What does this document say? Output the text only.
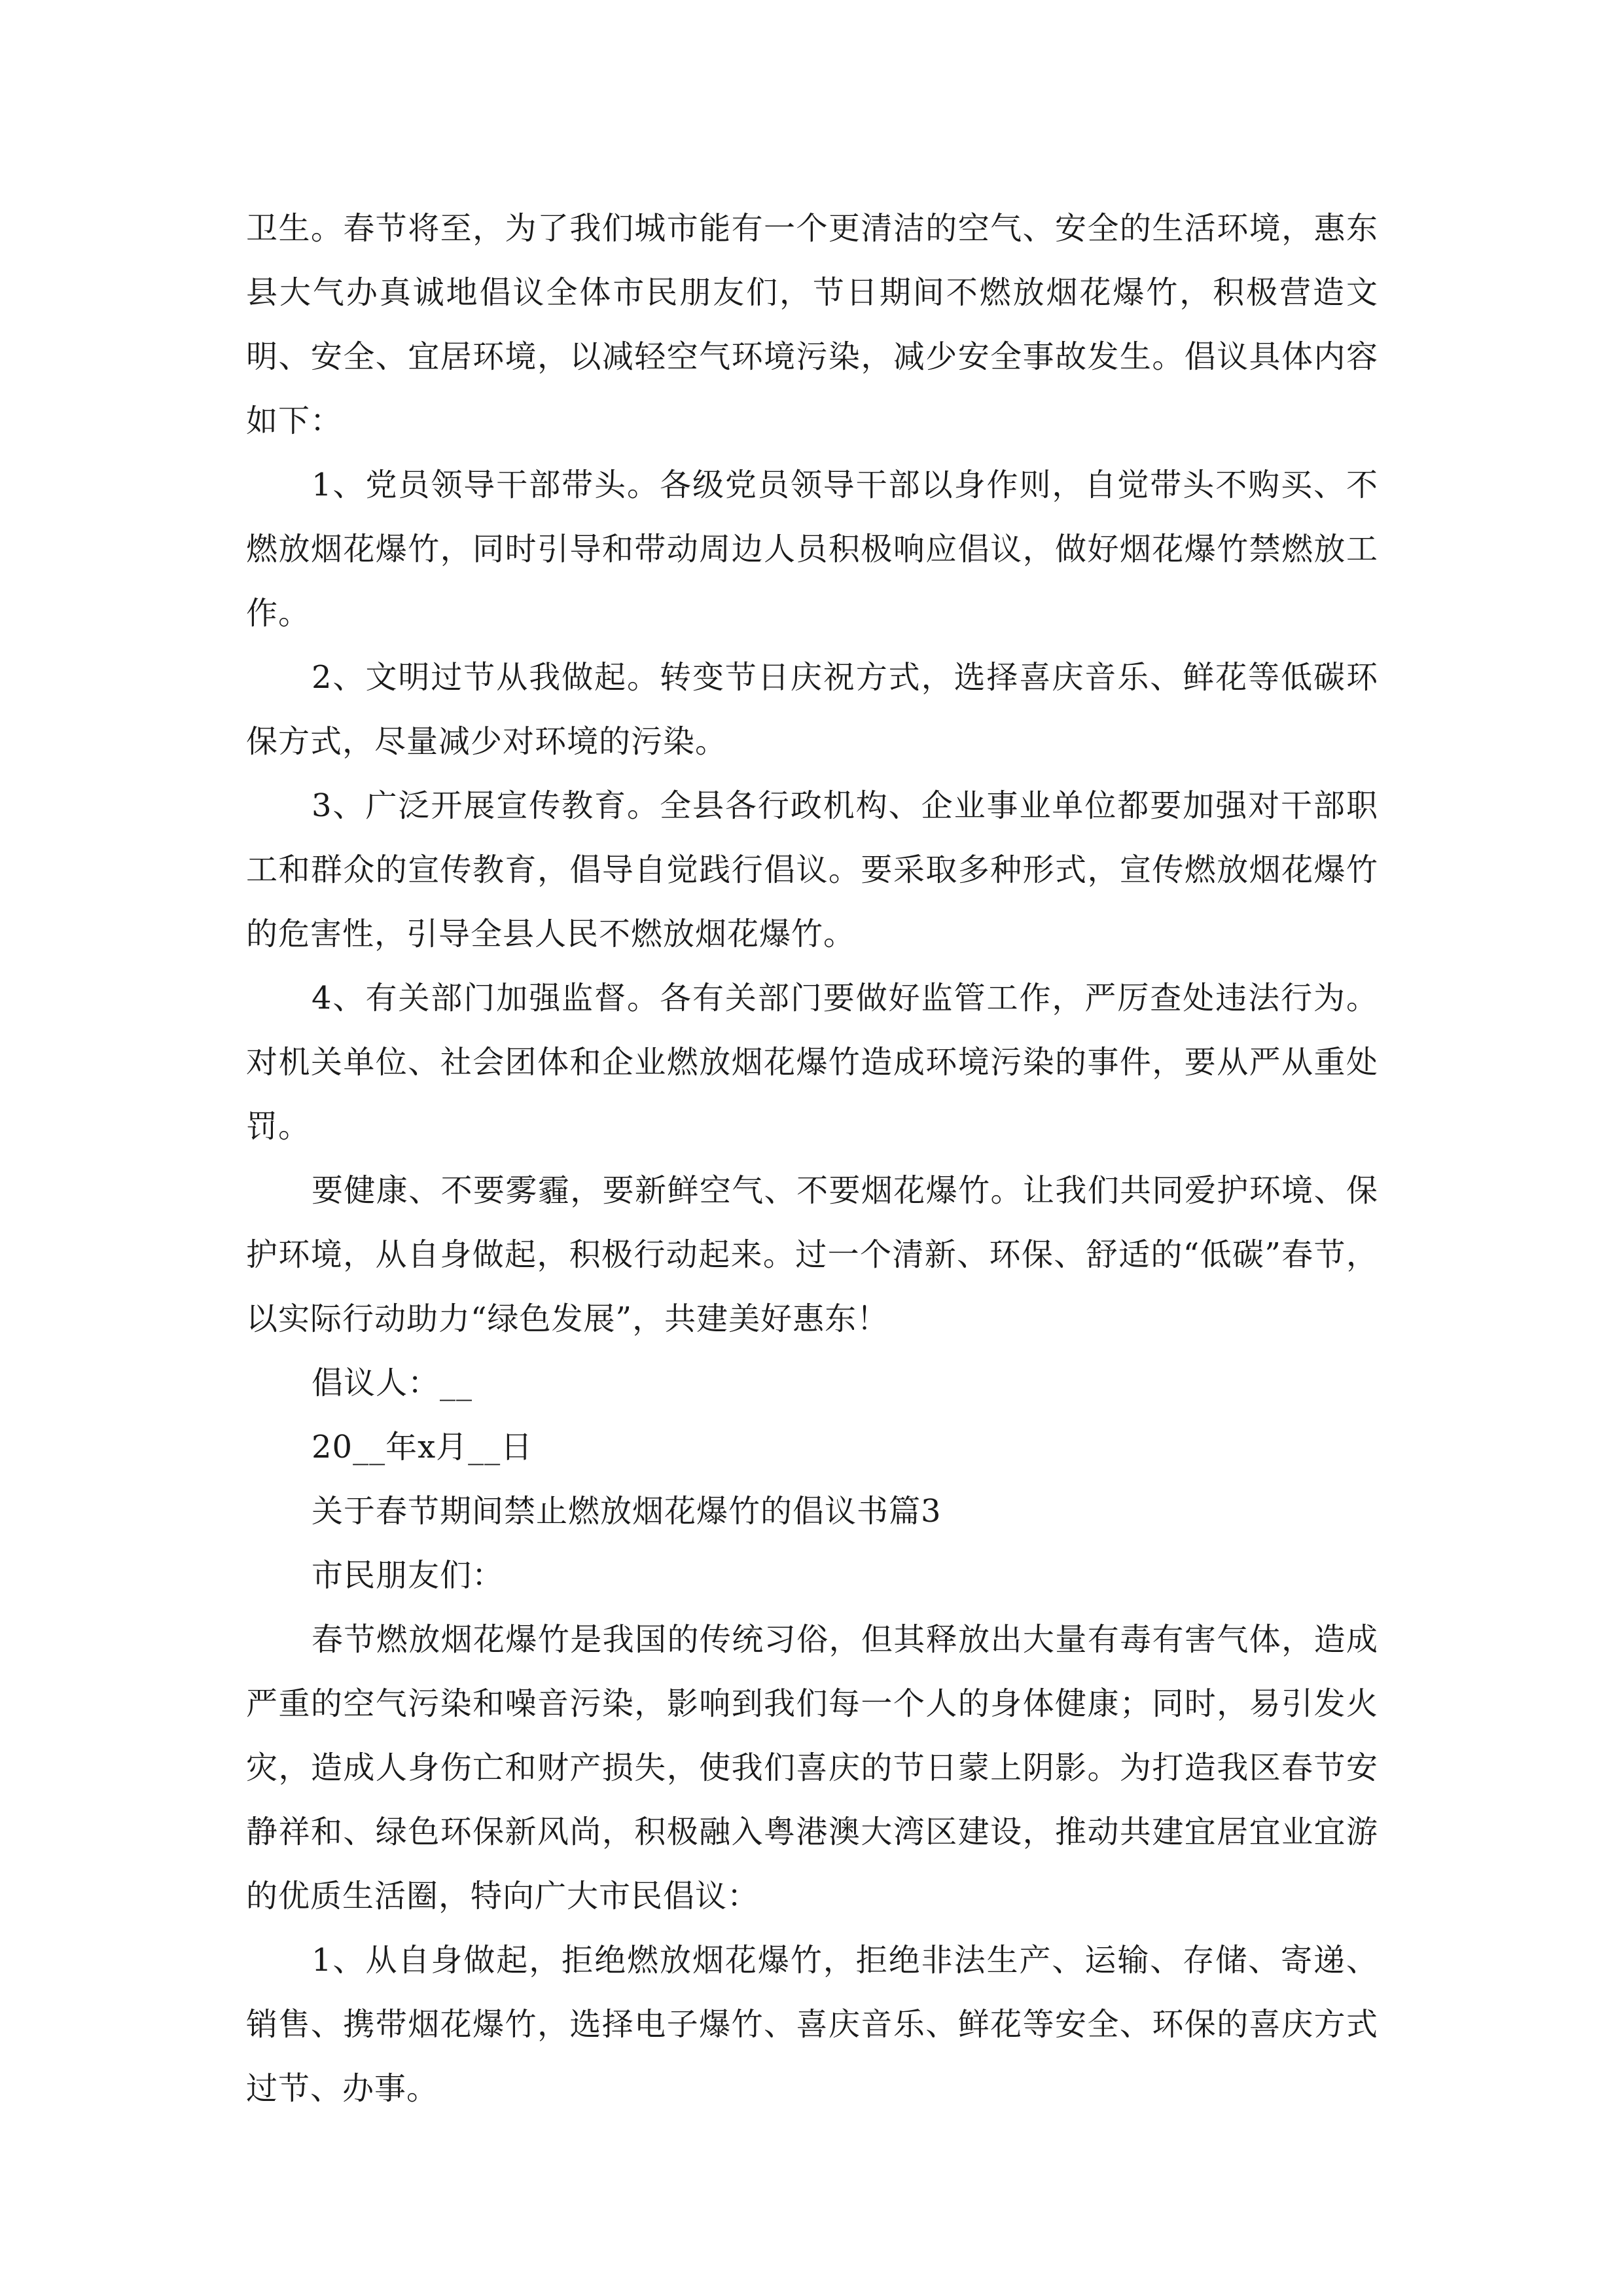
卫生。春节将至，为了我们城市能有一个更清洁的空气、安全的生活环境，惠东县大气办真诚地倡议全体市民朋友们，节日期间不燃放烟花爆竹，积极营造文明、安全、宜居环境，以减轻空气环境污染，减少安全事故发生。倡议具体内容如下：

1、党员领导干部带头。各级党员领导干部以身作则，自觉带头不购买、不燃放烟花爆竹，同时引导和带动周边人员积极响应倡议，做好烟花爆竹禁燃放工作。

2、文明过节从我做起。转变节日庆祝方式，选择喜庆音乐、鲜花等低碳环保方式，尽量减少对环境的污染。

3、广泛开展宣传教育。全县各行政机构、企业事业单位都要加强对干部职工和群众的宣传教育，倡导自觉践行倡议。要采取多种形式，宣传燃放烟花爆竹的危害性，引导全县人民不燃放烟花爆竹。

4、有关部门加强监督。各有关部门要做好监管工作，严厉查处违法行为。对机关单位、社会团体和企业燃放烟花爆竹造成环境污染的事件，要从严从重处罚。

要健康、不要雾霾，要新鲜空气、不要烟花爆竹。让我们共同爱护环境、保护环境，从自身做起，积极行动起来。过一个清新、环保、舒适的“低碳”春节，以实际行动助力“绿色发展”，共建美好惠东！

倡议人：__

20__年x月__日

关于春节期间禁止燃放烟花爆竹的倡议书篇3

市民朋友们：

春节燃放烟花爆竹是我国的传统习俗，但其释放出大量有毒有害气体，造成严重的空气污染和噪音污染，影响到我们每一个人的身体健康；同时，易引发火灾，造成人身伤亡和财产损失，使我们喜庆的节日蒙上阴影。为打造我区春节安静祥和、绿色环保新风尚，积极融入粤港澳大湾区建设，推动共建宜居宜业宜游的优质生活圈，特向广大市民倡议：

1、从自身做起，拒绝燃放烟花爆竹，拒绝非法生产、运输、存储、寄递、销售、携带烟花爆竹，选择电子爆竹、喜庆音乐、鲜花等安全、环保的喜庆方式过节、办事。
